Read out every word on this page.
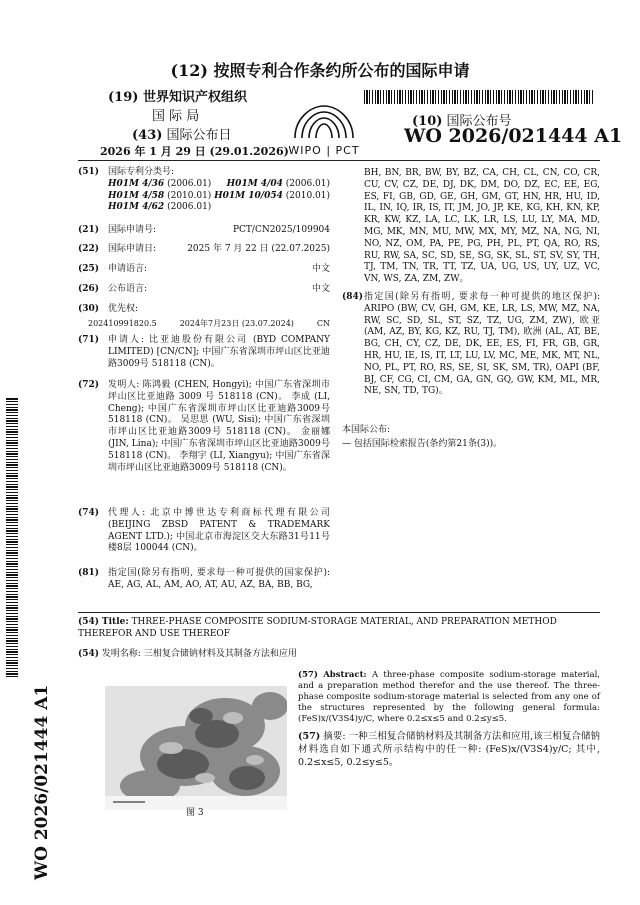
(12) 按照专利合作条约所公布的国际申请
(19) 世界知识产权组织
国 际 局
(43) 国际公布日
2026 年 1 月 29 日 (29.01.2026) WIPO | PCT
(10) 国际公布号
WO 2026/021444 A1
(51) 国际专利分类号:
H01M 4/36 (2006.01) H01M 4/04 (2006.01)
H01M 4/58 (2010.01) H01M 10/054 (2010.01)
H01M 4/62 (2006.01)
(21) 国际申请号:	PCT/CN2025/109904
(22) 国际申请日:	2025 年 7 月 22 日 (22.07.2025)
(25) 申请语言:	中文
(26) 公布语言:	中文
(30) 优先权:
202410991820.5	2024年7月23日 (23.07.2024)	CN
(71) 申请人: 比亚迪股份有限公司 (BYD COMPANY LIMITED) [CN/CN]; 中国广东省深圳市坪山区比亚迪路3009号 518118 (CN)。
(72) 发明人: 陈鸿毅 (CHEN, Hongyi); 中国广东省深圳市坪山区比亚迪路 3009 号 518118 (CN)。 李成 (LI, Cheng); 中国广东省深圳市坪山区比亚迪路3009号 518118 (CN)。 吴思思 (WU, Sisi); 中国广东省深圳市坪山区比亚迪路3009号 518118 (CN)。 金丽娜 (JIN, Lina); 中国广东省深圳市坪山区比亚迪路3009号 518118 (CN)。 李翔宇 (LI, Xiangyu); 中国广东省深圳市坪山区比亚迪路3009号 518118 (CN)。
(74) 代理人: 北京中博世达专利商标代理有限公司 (BEIJING ZBSD PATENT & TRADEMARK AGENT LTD.); 中国北京市海淀区交大东路31号11号楼8层 100044 (CN)。
(81) 指定国(除另有指明, 要求每一种可提供的国家保护): AE, AG, AL, AM, AO, AT, AU, AZ, BA, BB, BG,
BH, BN, BR, BW, BY, BZ, CA, CH, CL, CN, CO, CR, CU, CV, CZ, DE, DJ, DK, DM, DO, DZ, EC, EE, EG, ES, FI, GB, GD, GE, GH, GM, GT, HN, HR, HU, ID, IL, IN, IQ, IR, IS, IT, JM, JO, JP, KE, KG, KH, KN, KP, KR, KW, KZ, LA, LC, LK, LR, LS, LU, LY, MA, MD, MG, MK, MN, MU, MW, MX, MY, MZ, NA, NG, NI, NO, NZ, OM, PA, PE, PG, PH, PL, PT, QA, RO, RS, RU, RW, SA, SC, SD, SE, SG, SK, SL, ST, SV, SY, TH, TJ, TM, TN, TR, TT, TZ, UA, UG, US, UY, UZ, VC, VN, WS, ZA, ZM, ZW。
(84) 指定国(除另有指明, 要求每一种可提供的地区保护): ARIPO (BW, CV, GH, GM, KE, LR, LS, MW, MZ, NA, RW, SC, SD, SL, ST, SZ, TZ, UG, ZM, ZW), 欧亚 (AM, AZ, BY, KG, KZ, RU, TJ, TM), 欧洲 (AL, AT, BE, BG, CH, CY, CZ, DE, DK, EE, ES, FI, FR, GB, GR, HR, HU, IE, IS, IT, LT, LU, LV, MC, ME, MK, MT, NL, NO, PL, PT, RO, RS, SE, SI, SK, SM, TR), OAPI (BF, BJ, CF, CG, CI, CM, GA, GN, GQ, GW, KM, ML, MR, NE, SN, TD, TG)。
本国际公布:
— 包括国际检索报告(条约第21条(3))。
(54) Title: THREE-PHASE COMPOSITE SODIUM-STORAGE MATERIAL, AND PREPARATION METHOD THEREFOR AND USE THEREOF
(54) 发明名称: 三相复合储钠材料及其制备方法和应用
图 3
(57) Abstract: A three-phase composite sodium-storage material, and a preparation method therefor and the use thereof. The three-phase composite sodium-storage material is selected from any one of the structures represented by the following general formula: (FeS)x/(V3S4)y/C, where 0.2≤x≤5 and 0.2≤y≤5.
(57) 摘要: 一种三相复合储钠材料及其制备方法和应用,该三相复合储钠材料选自如下通式所示结构中的任一种: (FeS)x/(V3S4)y/C; 其中, 0.2≤x≤5, 0.2≤y≤5。
WO 2026/021444 A1
